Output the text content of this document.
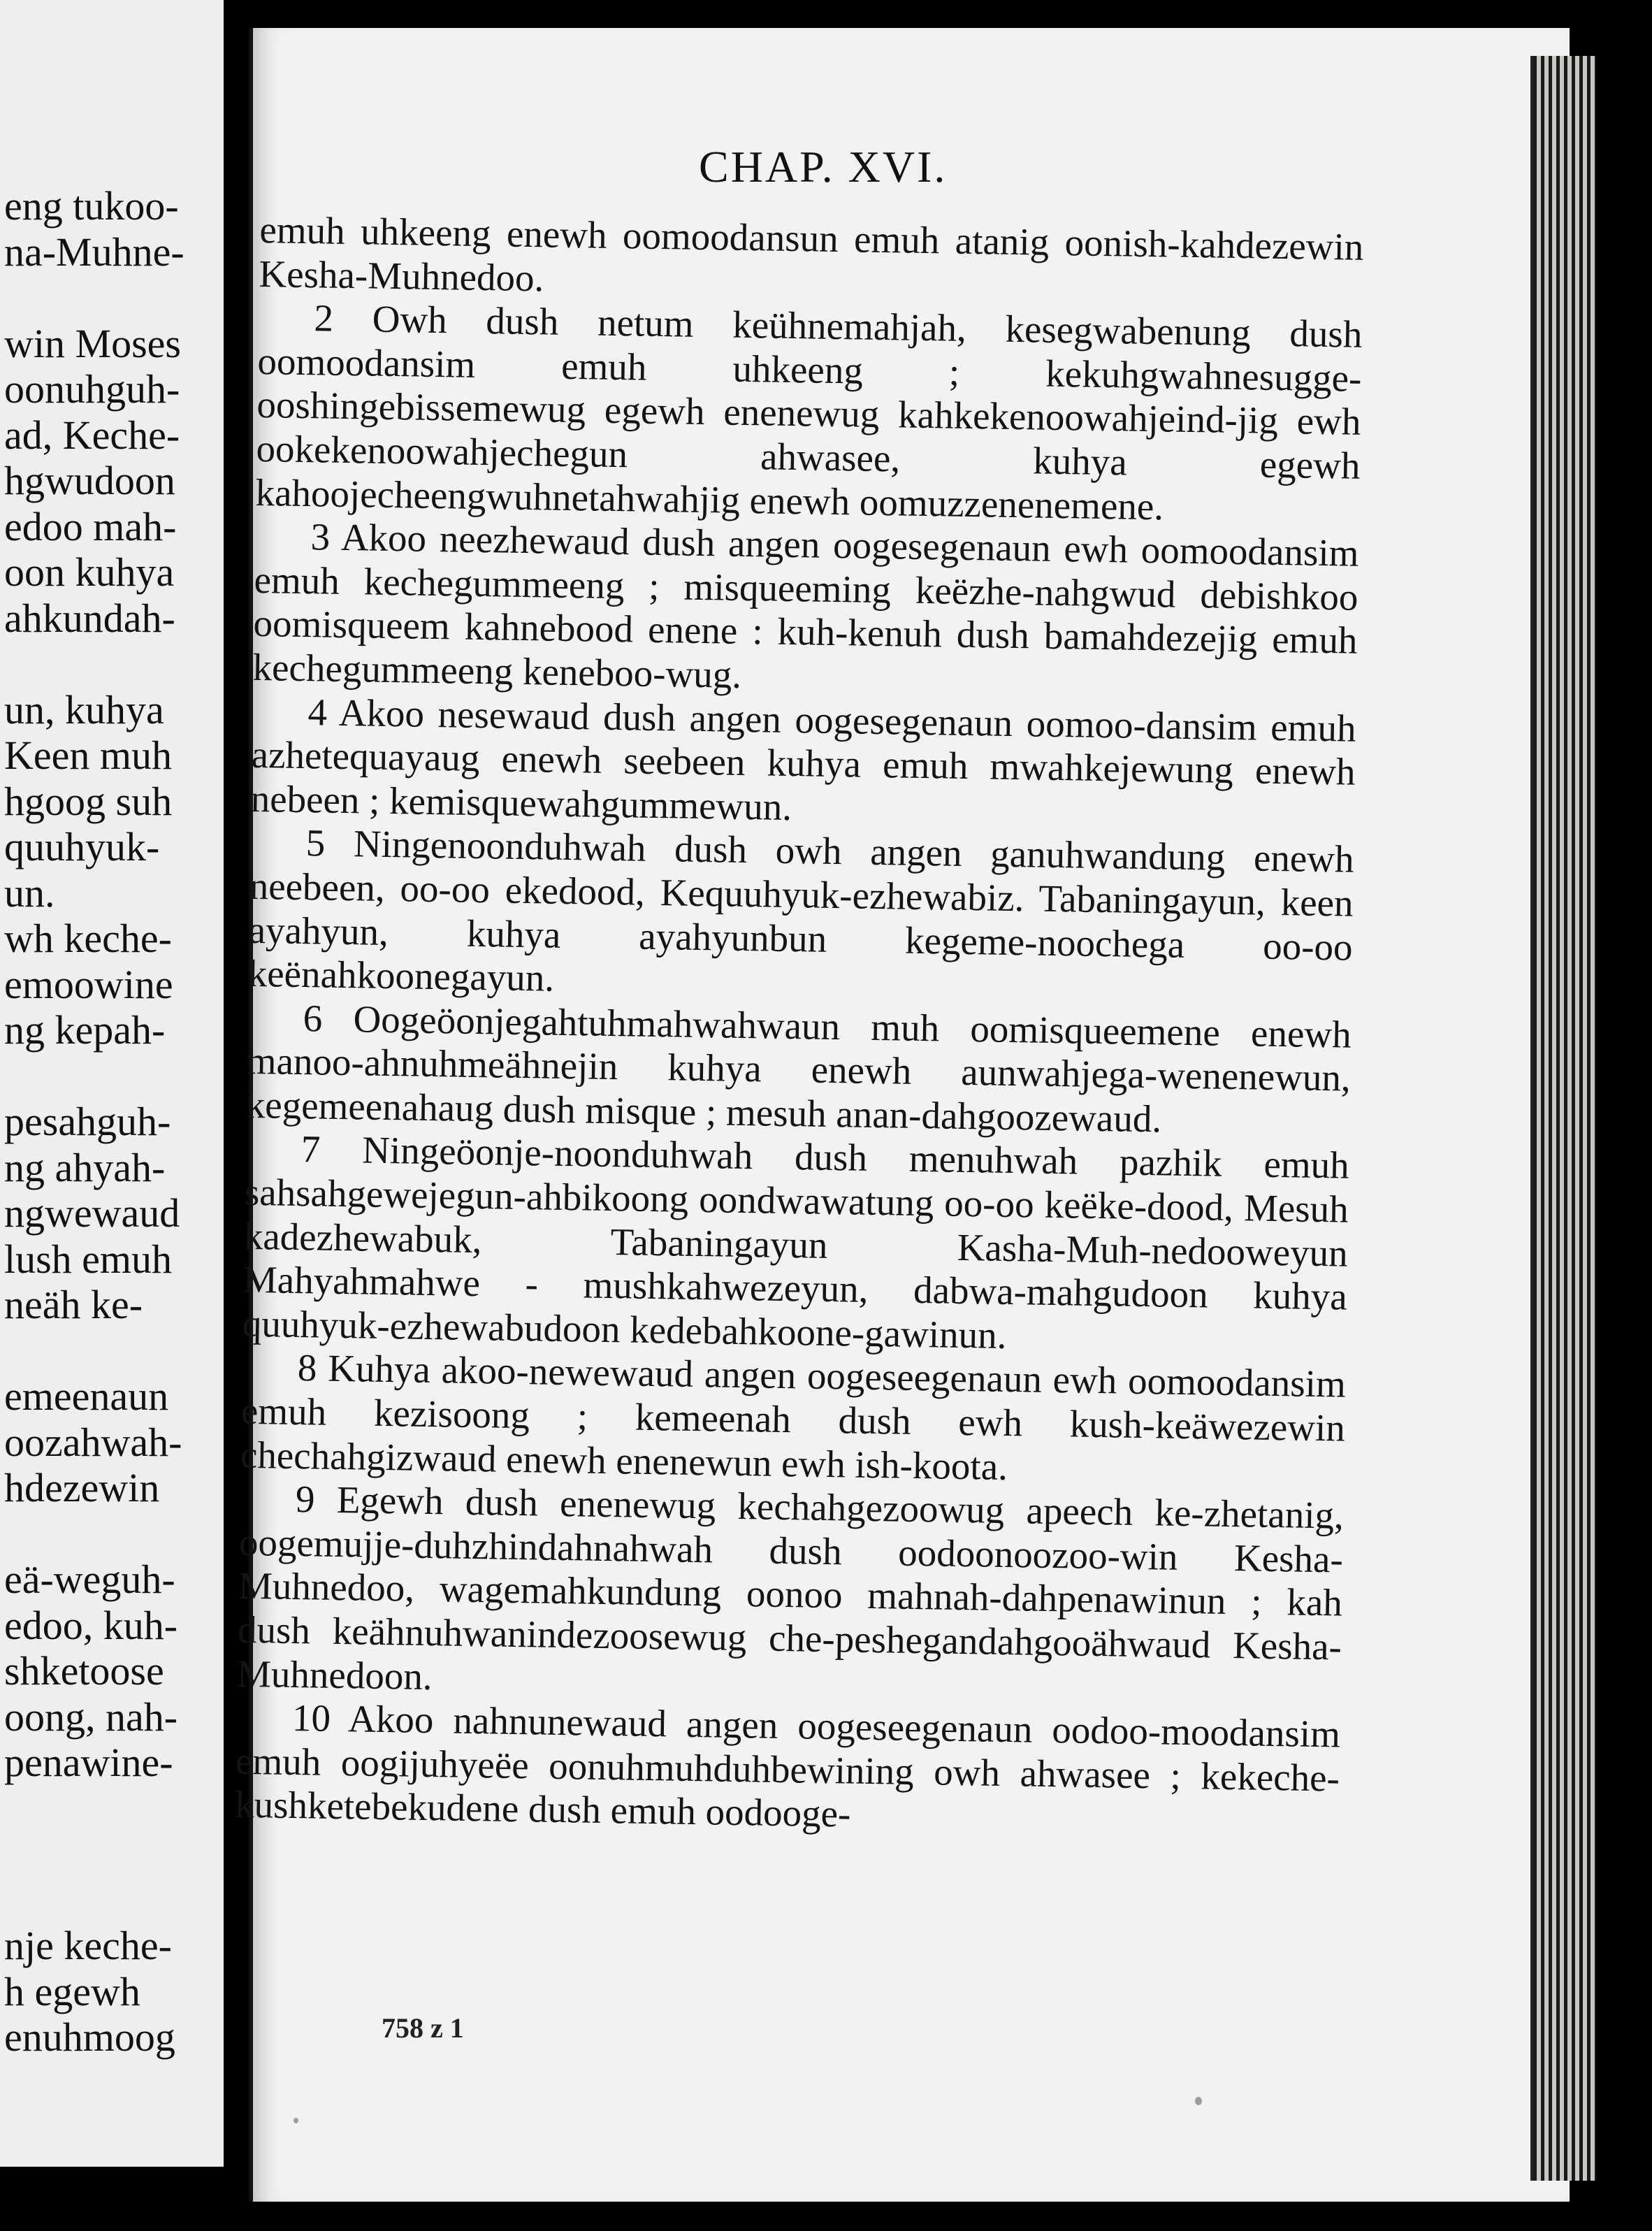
eng tukoo-
na-Muhne-
win Moses
oonuhguh-
ad, Keche-
hgwudoon
edoo mah-
oon kuhya
ahkundah-
un, kuhya
Keen muh
hgoog suh
quuhyuk-
un.
wh keche-
emoowine
ng kepah-
pesahguh-
ng ahyah-
ngwewaud
lush emuh
neäh ke-
emeenaun
oozahwah-
hdezewin
eä-weguh-
edoo, kuh-
shketoose
oong, nah-
penawine-
nje keche-
h egewh
enuhmoog
CHAP. XVI.

emuh uhkeeng enewh oomoodansun emuh atanig oonish-kahdezewin Kesha-Muhnedoo.

2 Owh dush netum keühnemahjah, kesegwabenung dush oomoodansim emuh uhkeeng ; kekuhgwahnesugge-ooshingebissemewug egewh enenewug kahkekenoowahjeind-jig ewh ookekenoowahjechegun ahwasee, kuhya egewh kahoojecheengwuhnetahwahjig enewh oomuzzenenemene.

3 Akoo neezhewaud dush angen oogesegenaun ewh oomoodansim emuh kechegummeeng ; misqueeming keëzhe-nahgwud debishkoo oomisqueem kahnebood enene : kuh-kenuh dush bamahdezejig emuh kechegummeeng keneboo-wug.

4 Akoo nesewaud dush angen oogesegenaun oomoo-dansim emuh azhetequayaug enewh seebeen kuhya emuh mwahkejewung enewh nebeen ; kemisquewahgummewun.

5 Ningenoonduhwah dush owh angen ganuhwandung enewh neebeen, oo-oo ekedood, Kequuhyuk-ezhewabiz. Tabaningayun, keen ayahyun, kuhya ayahyunbun kegeme-noochega oo-oo keënahkoonegayun.

6 Oogeöonjegahtuhmahwahwaun muh oomisqueemene enewh manoo-ahnuhmeähnejin kuhya enewh aunwahjega-wenenewun, kegemeenahaug dush misque ; mesuh anan-dahgoozewaud.

7 Ningeöonje-noonduhwah dush menuhwah pazhik emuh sahsahgewejegun-ahbikoong oondwawatung oo-oo keëke-dood, Mesuh kadezhewabuk, Tabaningayun Kasha-Muh-nedooweyun Mahyahmahwe - mushkahwezeyun, dabwa-mahgudoon kuhya quuhyuk-ezhewabudoon kedebahkoone-gawinun.

8 Kuhya akoo-newewaud angen oogeseegenaun ewh oomoodansim emuh kezisoong ; kemeenah dush ewh kush-keäwezewin chechahgizwaud enewh enenewun ewh ish-koota.

9 Egewh dush enenewug kechahgezoowug apeech ke-zhetanig, oogemujje-duhzhindahnahwah dush oodoonoozoo-win Kesha-Muhnedoo, wagemahkundung oonoo mahnah-dahpenawinun ; kah dush keähnuhwanindezoosewug che-peshegandahgooähwaud Kesha-Muhnedoon.

10 Akoo nahnunewaud angen oogeseegenaun oodoo-moodansim emuh oogijuhyeëe oonuhmuhduhbewining owh ahwasee ; kekeche-kushketebekudene dush emuh oodooge-

758 z 1
